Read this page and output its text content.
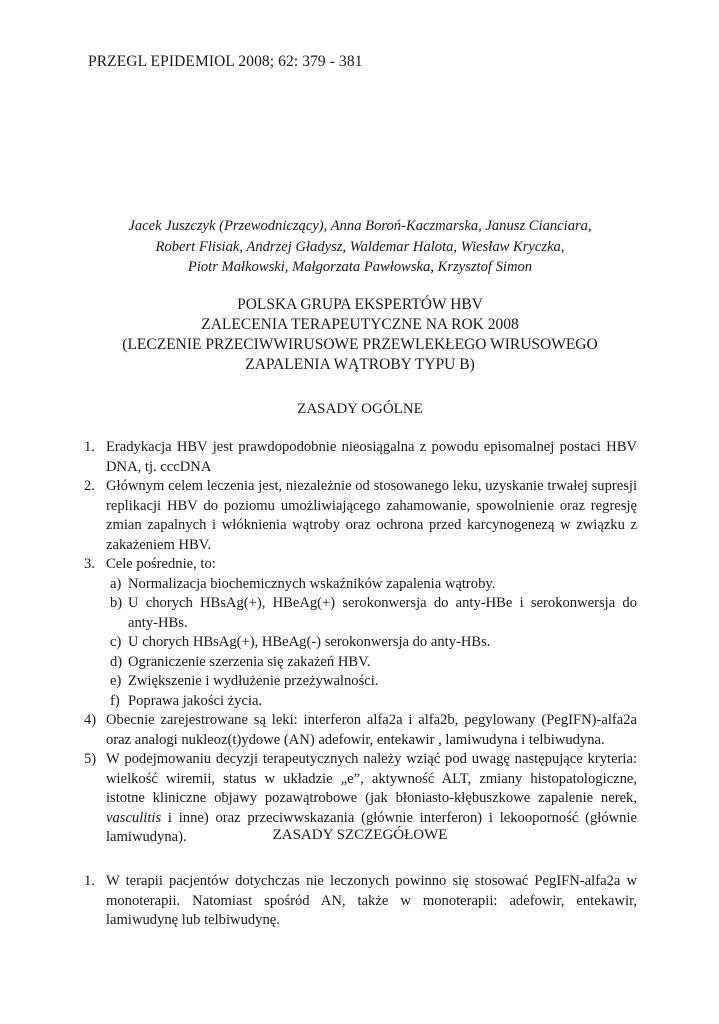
PRZEGL EPIDEMIOL 2008; 62: 379 - 381
Jacek Juszczyk (Przewodniczący), Anna Boroń-Kaczmarska, Janusz Cianciara,
Robert Flisiak, Andrzej Gładysz, Waldemar Halota, Wiesław Kryczka,
Piotr Małkowski, Małgorzata Pawłowska, Krzysztof Simon
POLSKA GRUPA EKSPERTÓW HBV
ZALECENIA TERAPEUTYCZNE NA ROK 2008
(LECZENIE PRZECIWWIRUSOWE PRZEWLEKŁEGO WIRUSOWEGO
ZAPALENIA WĄTROBY TYPU B)
ZASADY OGÓLNE
1. Eradykacja HBV jest prawdopodobnie nieosiągalna z powodu episomalnej postaci HBV DNA, tj. cccDNA
2. Głównym celem leczenia jest, niezależnie od stosowanego leku, uzyskanie trwałej supresji replikacji HBV do poziomu umożliwiającego zahamowanie, spowolnienie oraz regresję zmian zapalnych i włóknienia wątroby oraz ochrona przed karcynogenezą w związku z zakażeniem HBV.
3. Cele pośrednie, to:
a) Normalizacja biochemicznych wskaźników zapalenia wątroby.
b) U chorych HBsAg(+), HBeAg(+) serokonwersja do anty-HBe i serokonwersja do anty-HBs.
c) U chorych HBsAg(+), HBeAg(-) serokonwersja do anty-HBs.
d) Ograniczenie szerzenia się zakażeń HBV.
e) Zwiększenie i wydłużenie przeżywalności.
f) Poprawa jakości życia.
4) Obecnie zarejestrowane są leki: interferon alfa2a i alfa2b, pegylowany (PegIFN)-alfa2a oraz analogi nukleoz(t)ydowe (AN) adefowir, entekawir , lamiwudyna i telbiwudyna.
5) W podejmowaniu decyzji terapeutycznych należy wziąć pod uwagę następujące kryteria: wielkość wiremii, status w układzie „e”, aktywność ALT, zmiany histopatologiczne, istotne kliniczne objawy pozawątrobowe (jak błoniasto-kłębuszkowe zapalenie nerek, vasculitis i inne) oraz przeciwwskazania (głównie interferon) i lekooporność (głównie lamiwudyna).	ZASADY SZCZEGÓŁOWE
1. W terapii pacjentów dotychczas nie leczonych powinno się stosować PegIFN-alfa2a w monoterapii. Natomiast spośród AN, także w monoterapii: adefowir, entekawir, lamiwudynę lub telbiwudynę.
